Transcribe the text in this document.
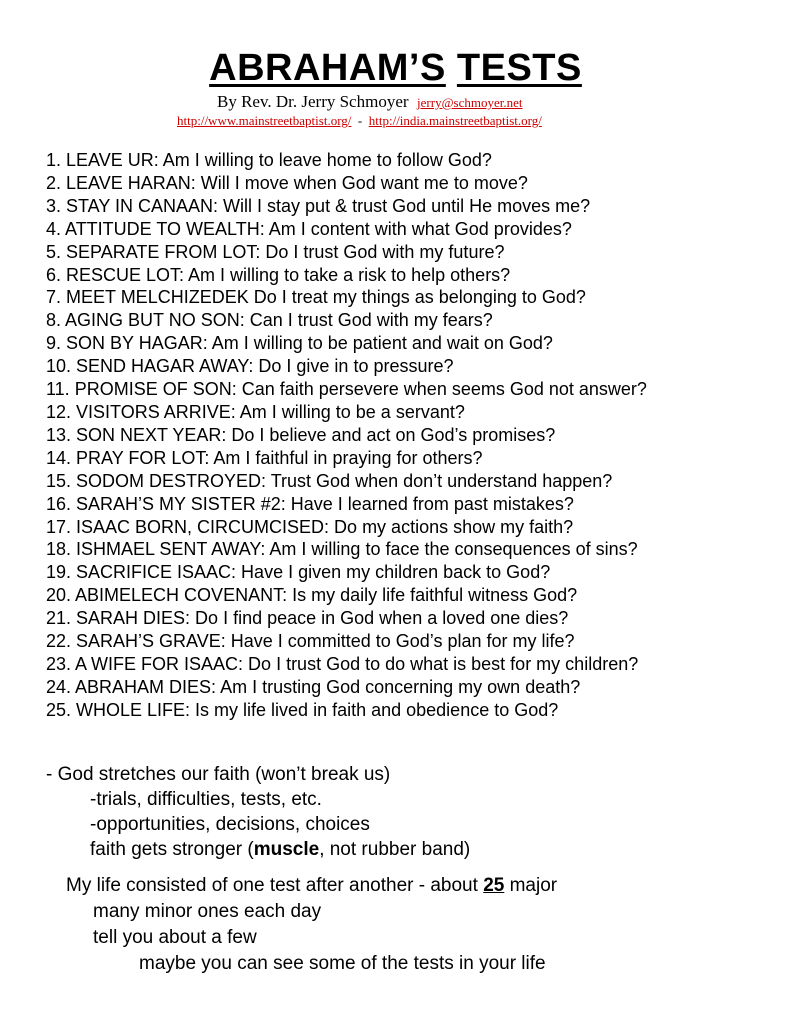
ABRAHAM’S TESTS
By Rev. Dr. Jerry Schmoyer jerry@schmoyer.net
http://www.mainstreetbaptist.org/ - http://india.mainstreetbaptist.org/
1. LEAVE UR: Am I willing to leave home to follow God?
2. LEAVE HARAN: Will I move when God want me to move?
3. STAY IN CANAAN: Will I stay put & trust God until He moves me?
4. ATTITUDE TO WEALTH: Am I content with what God provides?
5. SEPARATE FROM LOT: Do I trust God with my future?
6. RESCUE LOT: Am I willing to take a risk to help others?
7. MEET MELCHIZEDEK Do I treat my things as belonging to God?
8. AGING BUT NO SON: Can I trust God with my fears?
9. SON BY HAGAR: Am I willing to be patient and wait on God?
10. SEND HAGAR AWAY: Do I give in to pressure?
11. PROMISE OF SON: Can faith persevere when seems God not answer?
12. VISITORS ARRIVE: Am I willing to be a servant?
13. SON NEXT YEAR: Do I believe and act on God’s promises?
14. PRAY FOR LOT: Am I faithful in praying for others?
15. SODOM DESTROYED: Trust God when don’t understand happen?
16. SARAH’S MY SISTER #2: Have I learned from past mistakes?
17. ISAAC BORN, CIRCUMCISED: Do my actions show my faith?
18. ISHMAEL SENT AWAY: Am I willing to face the consequences of sins?
19. SACRIFICE ISAAC: Have I given my children back to God?
20. ABIMELECH COVENANT: Is my daily life faithful witness God?
21. SARAH DIES: Do I find peace in God when a loved one dies?
22. SARAH’S GRAVE: Have I committed to God’s plan for my life?
23. A WIFE FOR ISAAC: Do I trust God to do what is best for my children?
24. ABRAHAM DIES: Am I trusting God concerning my own death?
25. WHOLE LIFE: Is my life lived in faith and obedience to God?
- God stretches our faith (won’t break us)
-trials, difficulties, tests, etc.
-opportunities, decisions, choices
faith gets stronger (muscle, not rubber band)
My life consisted of one test after another - about 25 major
many minor ones each day
tell you about a few
maybe you can see some of the tests in your life
